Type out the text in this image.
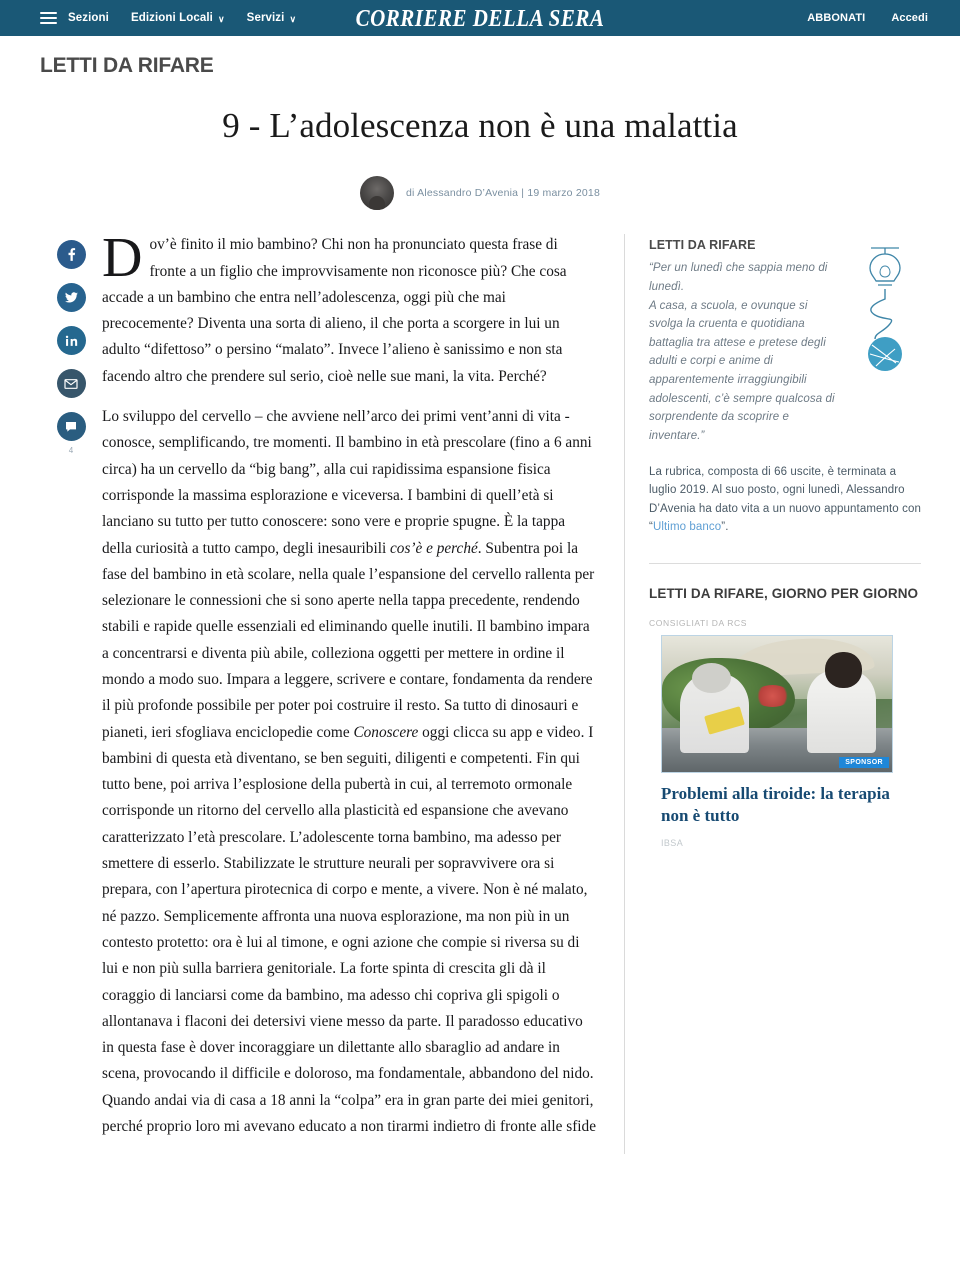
Sezioni Edizioni Locali ∨ Servizi ∨	CORRIERE DELLA SERA	ABBONATI Accedi
LETTI DA RIFARE
9 - L’adolescenza non è una malattia
di Alessandro D’Avenia | 19 marzo 2018
4

Dov’è finito il mio bambino? Chi non ha pronunciato questa frase di fronte a un figlio che improvvisamente non riconosce più? Che cosa accade a un bambino che entra nell’adolescenza, oggi più che mai precocemente? Diventa una sorta di alieno, il che porta a scorgere in lui un adulto “difettoso” o persino “malato”. Invece l’alieno è sanissimo e non sta facendo altro che prendere sul serio, cioè nelle sue mani, la vita. Perché?

Lo sviluppo del cervello – che avviene nell’arco dei primi vent’anni di vita - conosce, semplificando, tre momenti. Il bambino in età prescolare (fino a 6 anni circa) ha un cervello da “big bang”, alla cui rapidissima espansione fisica corrisponde la massima esplorazione e viceversa. I bambini di quell’età si lanciano su tutto per tutto conoscere: sono vere e proprie spugne. È la tappa della curiosità a tutto campo, degli inesauribili cos’è e perché. Subentra poi la fase del bambino in età scolare, nella quale l’espansione del cervello rallenta per selezionare le connessioni che si sono aperte nella tappa precedente, rendendo stabili e rapide quelle essenziali ed eliminando quelle inutili. Il bambino impara a concentrarsi e diventa più abile, colleziona oggetti per mettere in ordine il mondo a modo suo. Impara a leggere, scrivere e contare, fondamenta da rendere il più profonde possibile per poter poi costruire il resto. Sa tutto di dinosauri e pianeti, ieri sfogliava enciclopedie come Conoscere oggi clicca su app e video. I bambini di questa età diventano, se ben seguiti, diligenti e competenti. Fin qui tutto bene, poi arriva l’esplosione della pubertà in cui, al terremoto ormonale corrisponde un ritorno del cervello alla plasticità ed espansione che avevano caratterizzato l’età prescolare. L’adolescente torna bambino, ma adesso per smettere di esserlo. Stabilizzate le strutture neurali per sopravvivere ora si prepara, con l’apertura pirotecnica di corpo e mente, a vivere. Non è né malato, né pazzo. Semplicemente affronta una nuova esplorazione, ma non più in un contesto protetto: ora è lui al timone, e ogni azione che compie si riversa su di lui e non più sulla barriera genitoriale. La forte spinta di crescita gli dà il coraggio di lanciarsi come da bambino, ma adesso chi copriva gli spigoli o allontanava i flaconi dei detersivi viene messo da parte. Il paradosso educativo in questa fase è dover incoraggiare un dilettante allo sbaraglio ad andare in scena, provocando il difficile e doloroso, ma fondamentale, abbandono del nido. Quando andai via di casa a 18 anni la “colpa” era in gran parte dei miei genitori, perché proprio loro mi avevano educato a non tirarmi indietro di fronte alle sfide

LETTI DA RIFARE

“Per un lunedì che sappia meno di lunedì.

A casa, a scuola, e ovunque si svolga la cruenta e quotidiana battaglia tra attese e pretese degli adulti e corpi e anime di apparentemente irraggiungibili adolescenti, c’è sempre qualcosa di sorprendente da scoprire e inventare.”

La rubrica, composta di 66 uscite, è terminata a luglio 2019. Al suo posto, ogni lunedì, Alessandro D’Avenia ha dato vita a un nuovo appuntamento con “Ultimo banco”.
LETTI DA RIFARE, GIORNO PER GIORNO
CONSIGLIATI DA RCS
SPONSOR
Problemi alla tiroide: la terapia non è tutto
IBSA
